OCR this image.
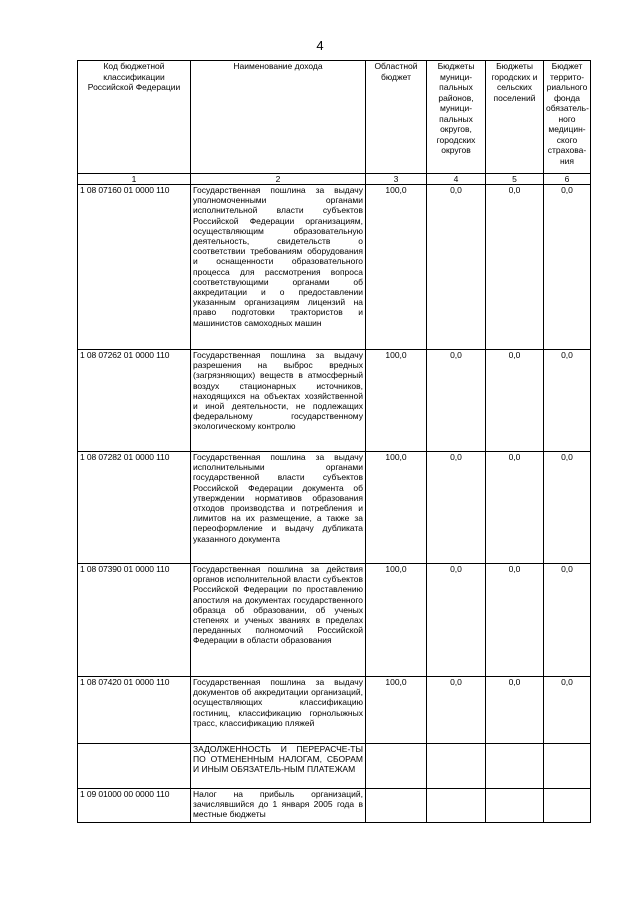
4
Код бюджетной классификации Российской Федерации	Наименование дохода	Областной бюджет	Бюджеты муници-пальных районов, муници-пальных округов, городских округов	Бюджеты городских и сельских поселений	Бюджет террито-риального фонда обязатель-ного медицин-ского страхова-ния
1	2	3	4	5	6
1 08 07160 01 0000 110	Государственная пошлина за выдачу уполномоченными органами исполнительной власти субъектов Российской Федерации организациям, осуществляющим образовательную деятельность, свидетельств о соответствии требованиям оборудования и оснащенности образовательного процесса для рассмотрения вопроса соответствующими органами об аккредитации и о предоставлении указанным организациям лицензий на право подготовки трактористов и машинистов самоходных машин	100,0	0,0	0,0	0,0
1 08 07262 01 0000 110	Государственная пошлина за выдачу разрешения на выброс вредных (загрязняющих) веществ в атмосферный воздух стационарных источников, находящихся на объектах хозяйственной и иной деятельности, не подлежащих федеральному государственному экологическому контролю	100,0	0,0	0,0	0,0
1 08 07282 01 0000 110	Государственная пошлина за выдачу исполнительными органами государственной власти субъектов Российской Федерации документа об утверждении нормативов образования отходов производства и потребления и лимитов на их размещение, а также за переоформление и выдачу дубликата указанного документа	100,0	0,0	0,0	0,0
1 08 07390 01 0000 110	Государственная пошлина за действия органов исполнительной власти субъектов Российской Федерации по проставлению апостиля на документах государственного образца об образовании, об ученых степенях и ученых званиях в пределах переданных полномочий Российской Федерации в области образования	100,0	0,0	0,0	0,0
1 08 07420 01 0000 110	Государственная пошлина за выдачу документов об аккредитации организаций, осуществляющих классификацию гостиниц, классификацию горнолыжных трасс, классификацию пляжей	100,0	0,0	0,0	0,0
	ЗАДОЛЖЕННОСТЬ И ПЕРЕРАСЧЕ-ТЫ ПО ОТМЕНЕННЫМ НАЛОГАМ, СБОРАМ И ИНЫМ ОБЯЗАТЕЛЬ-НЫМ ПЛАТЕЖАМ				
1 09 01000 00 0000 110	Налог на прибыль организаций, зачислявшийся до 1 января 2005 года в местные бюджеты				
